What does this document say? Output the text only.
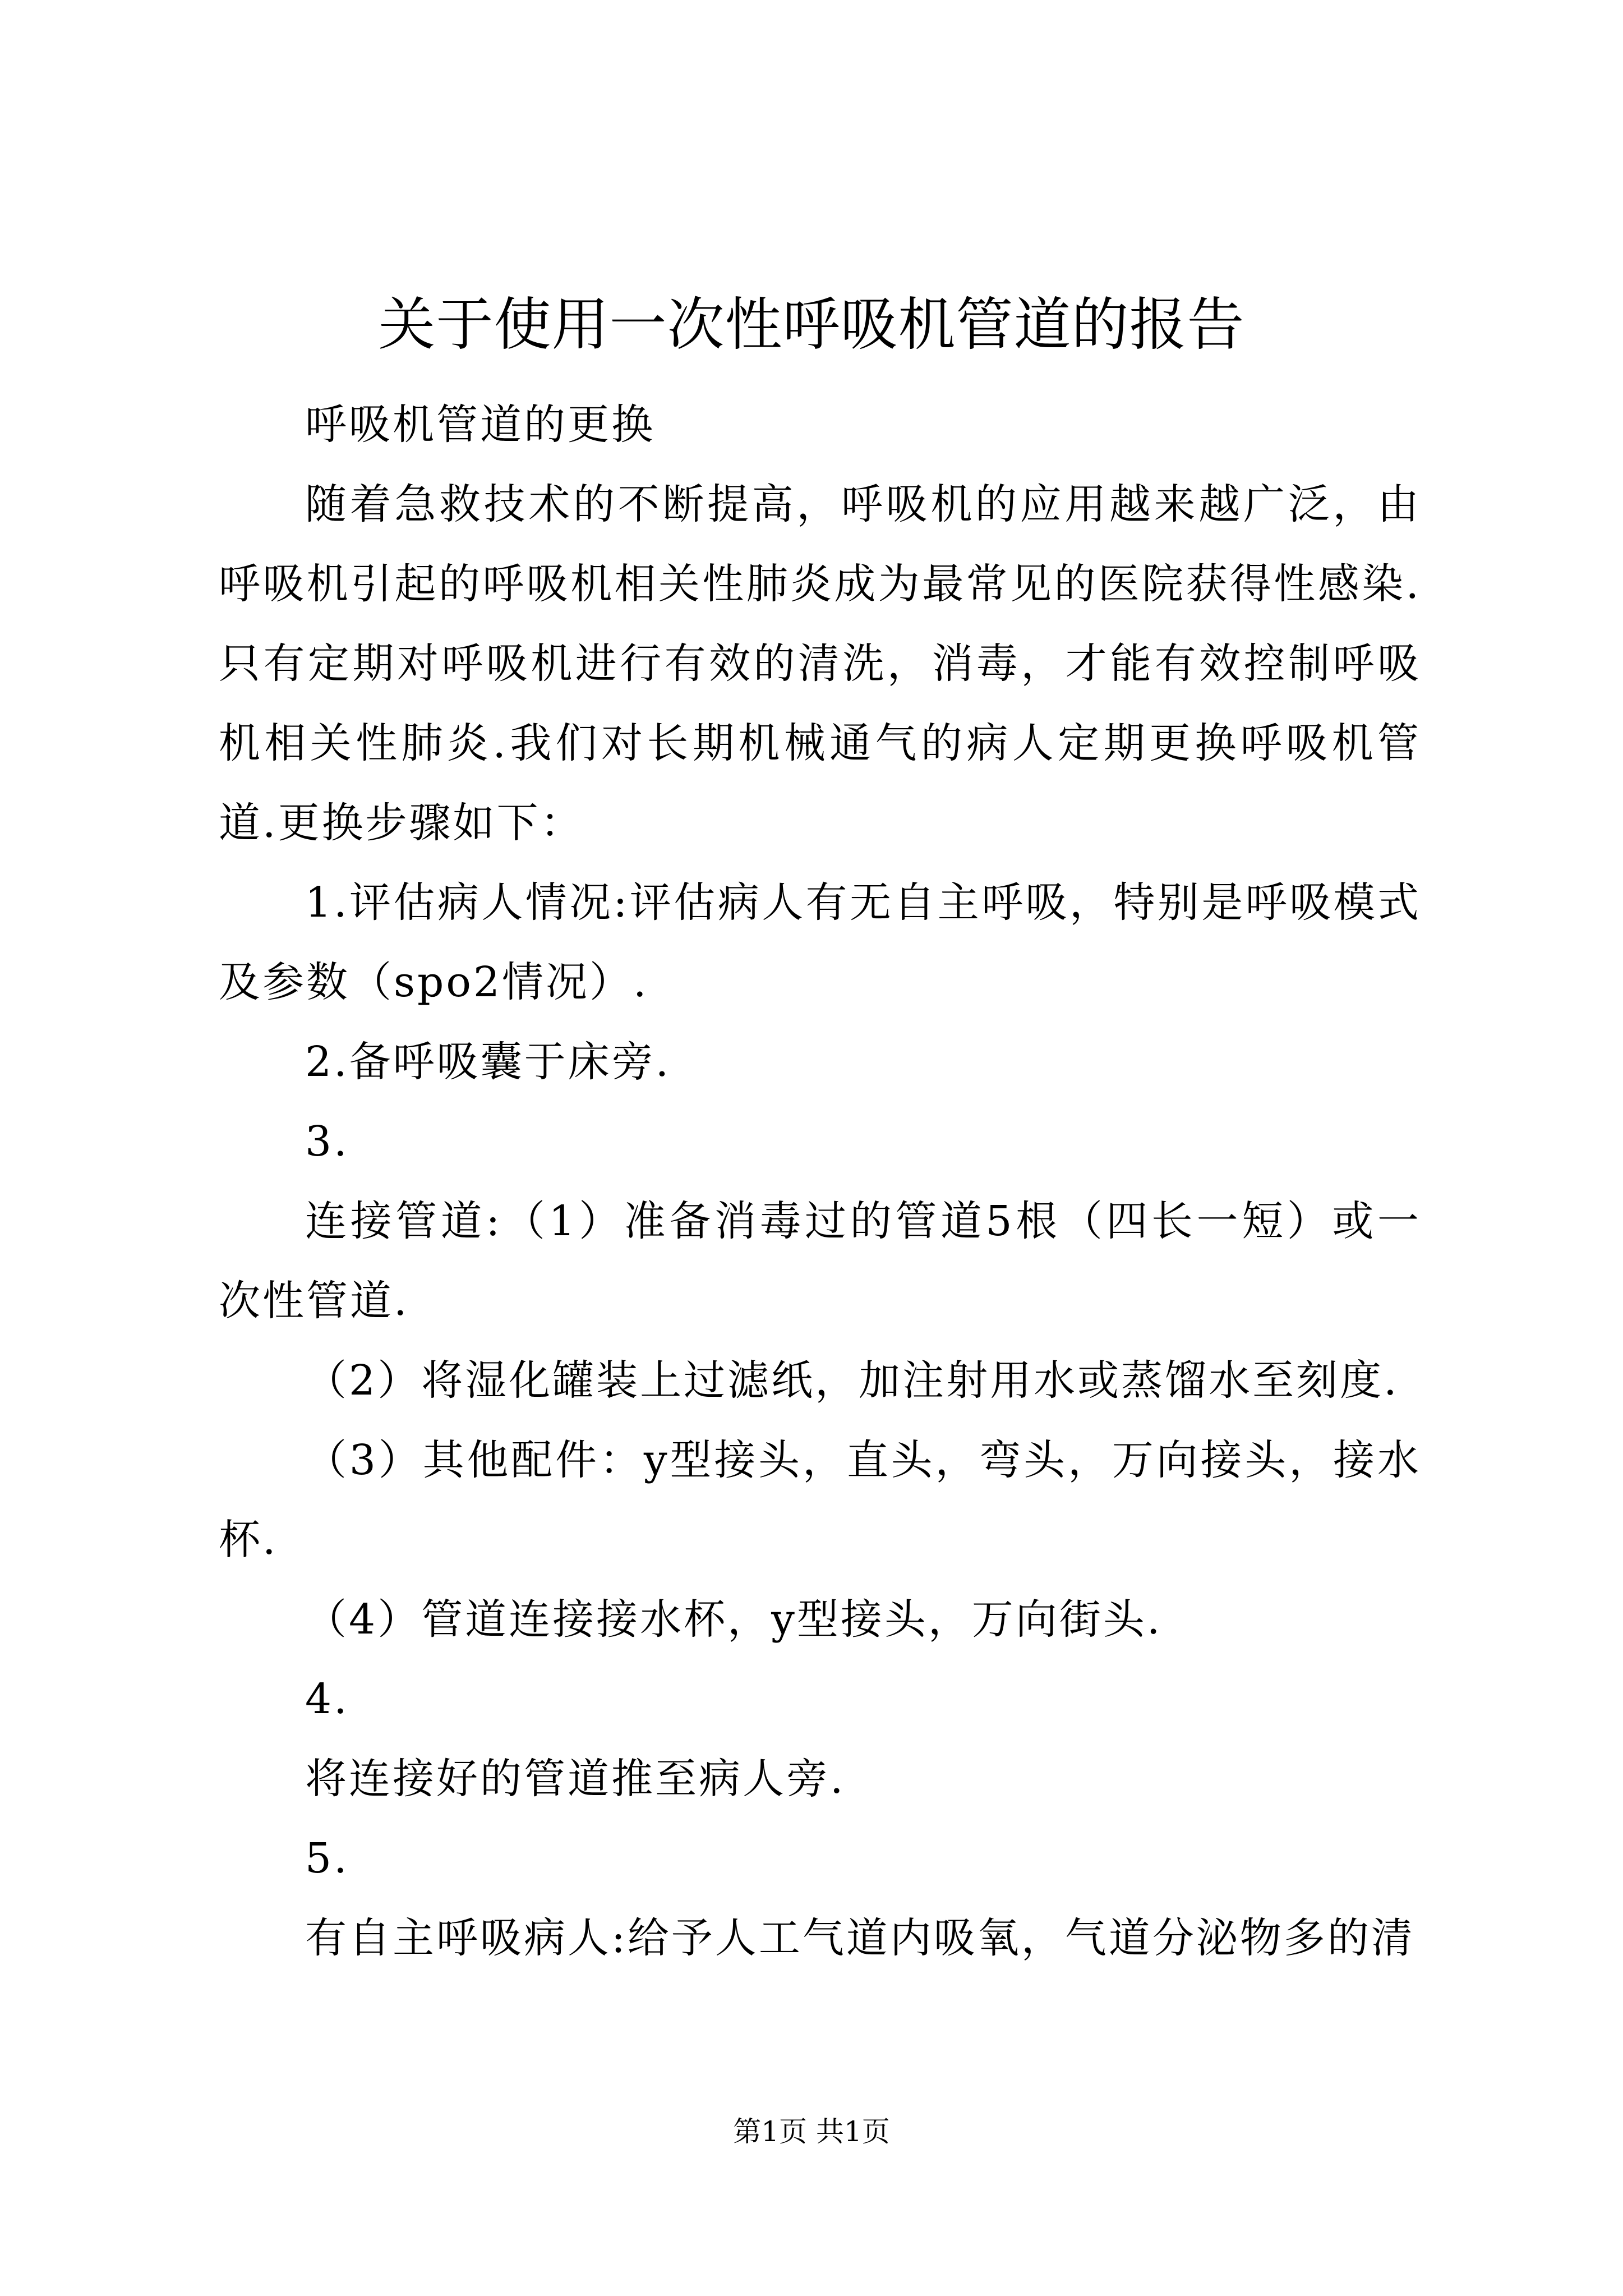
关于使用一次性呼吸机管道的报告

呼吸机管道的更换

随着急救技术的不断提高，呼吸机的应用越来越广泛，由呼吸机引起的呼吸机相关性肺炎成为最常见的医院获得性感染.只有定期对呼吸机进行有效的清洗，消毒，才能有效控制呼吸机相关性肺炎.我们对长期机械通气的病人定期更换呼吸机管道.更换步骤如下：

1.评估病人情况:评估病人有无自主呼吸，特别是呼吸模式及参数（spo2情况）.

2.备呼吸囊于床旁.

3.

连接管道:（1）准备消毒过的管道5根（四长一短）或一次性管道.

（2）将湿化罐装上过滤纸，加注射用水或蒸馏水至刻度.

（3）其他配件：y型接头，直头，弯头，万向接头，接水杯.

（4）管道连接接水杯，y型接头，万向街头.

4.

将连接好的管道推至病人旁.

5.

有自主呼吸病人:给予人工气道内吸氧，气道分泌物多的清

第1页 共1页
